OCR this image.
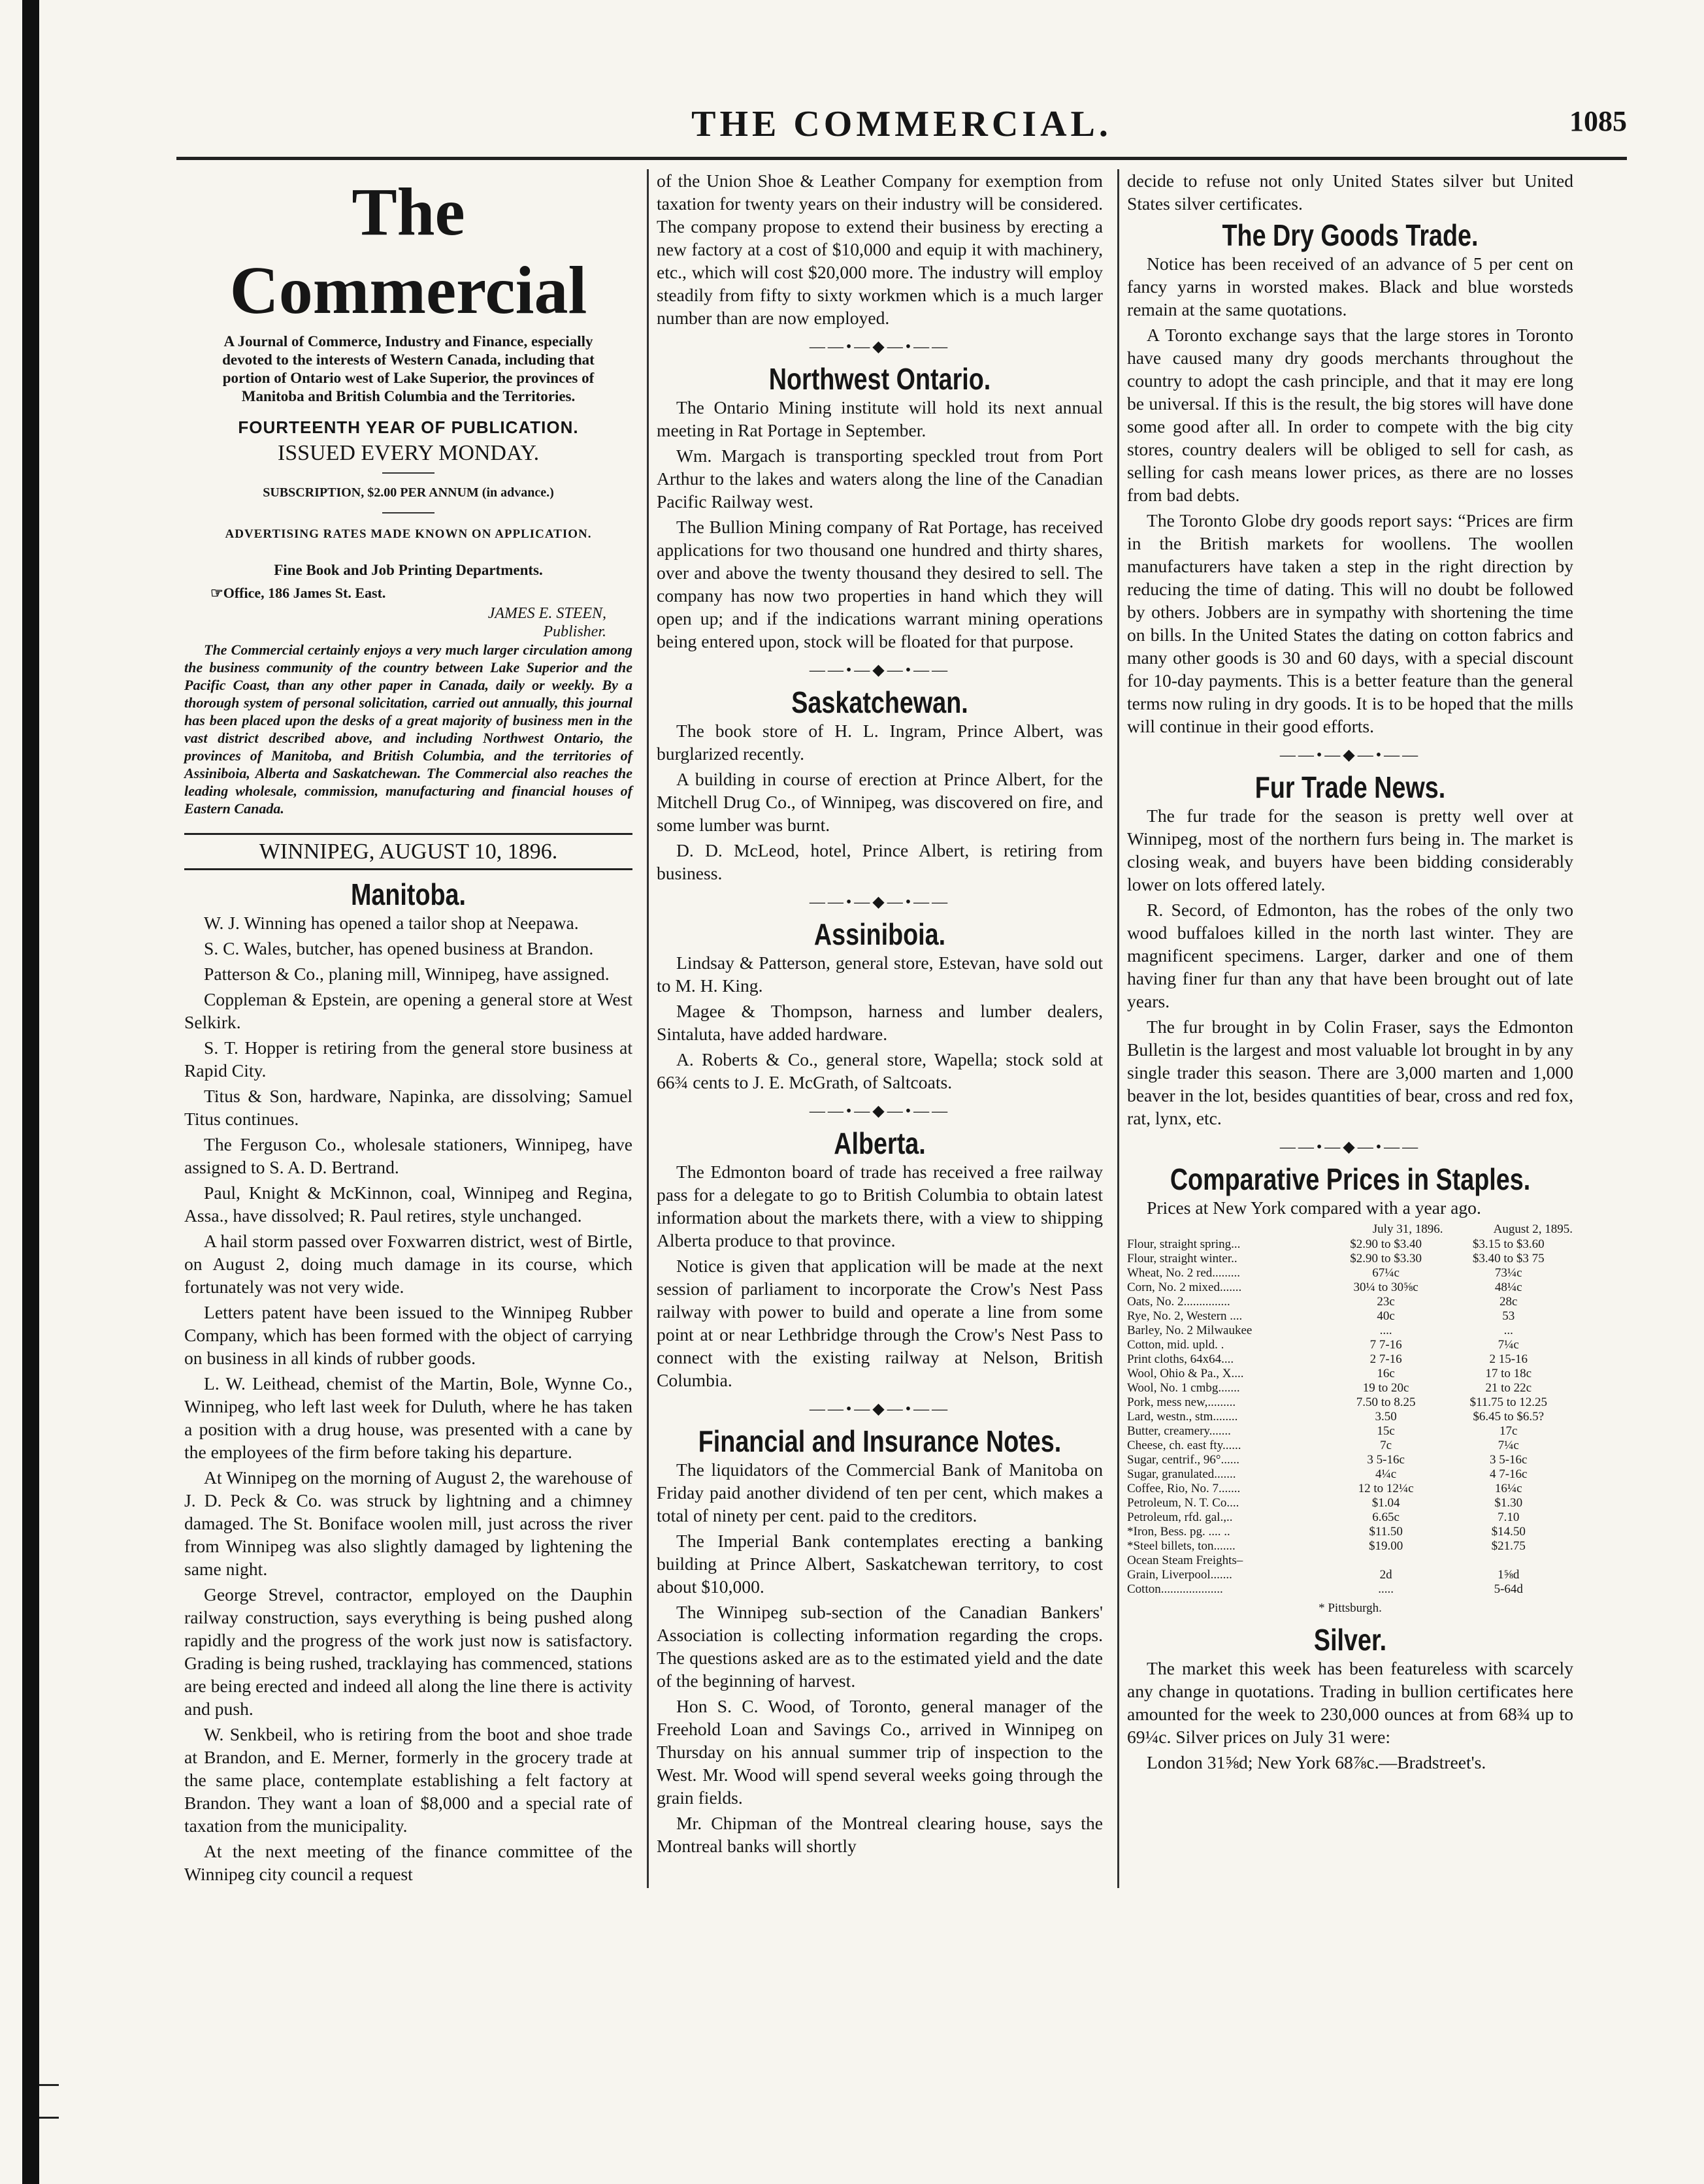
THE COMMERCIAL.	1085
The Commercial
A Journal of Commerce, Industry and Finance, especially devoted to the interests of Western Canada, including that portion of Ontario west of Lake Superior, the provinces of Manitoba and British Columbia and the Territories.
FOURTEENTH YEAR OF PUBLICATION.
ISSUED EVERY MONDAY.
SUBSCRIPTION, $2.00 PER ANNUM (in advance.)
ADVERTISING RATES MADE KNOWN ON APPLICATION.
Fine Book and Job Printing Departments.
☞Office, 186 James St. East.
JAMES E. STEEN,
Publisher.

The Commercial certainly enjoys a very much larger circulation among the business community of the country between Lake Superior and the Pacific Coast, than any other paper in Canada, daily or weekly. By a thorough system of personal solicitation, carried out annually, this journal has been placed upon the desks of a great majority of business men in the vast district described above, and including Northwest Ontario, the provinces of Manitoba, and British Columbia, and the territories of Assiniboia, Alberta and Saskatchewan. The Commercial also reaches the leading wholesale, commission, manufacturing and financial houses of Eastern Canada.

WINNIPEG, AUGUST 10, 1896.
Manitoba.

W. J. Winning has opened a tailor shop at Neepawa.

S. C. Wales, butcher, has opened business at Brandon.

Patterson & Co., planing mill, Winnipeg, have assigned.

Coppleman & Epstein, are opening a general store at West Selkirk.

S. T. Hopper is retiring from the general store business at Rapid City.

Titus & Son, hardware, Napinka, are dissolving; Samuel Titus continues.

The Ferguson Co., wholesale stationers, Winnipeg, have assigned to S. A. D. Bertrand.

Paul, Knight & McKinnon, coal, Winnipeg and Regina, Assa., have dissolved; R. Paul retires, style unchanged.

A hail storm passed over Foxwarren district, west of Birtle, on August 2, doing much damage in its course, which fortunately was not very wide.

Letters patent have been issued to the Winnipeg Rubber Company, which has been formed with the object of carrying on business in all kinds of rubber goods.

L. W. Leithead, chemist of the Martin, Bole, Wynne Co., Winnipeg, who left last week for Duluth, where he has taken a position with a drug house, was presented with a cane by the employees of the firm before taking his departure.

At Winnipeg on the morning of August 2, the warehouse of J. D. Peck & Co. was struck by lightning and a chimney damaged. The St. Boniface woolen mill, just across the river from Winnipeg was also slightly damaged by lightening the same night.

George Strevel, contractor, employed on the Dauphin railway construction, says everything is being pushed along rapidly and the progress of the work just now is satisfactory. Grading is being rushed, tracklaying has commenced, stations are being erected and indeed all along the line there is activity and push.

W. Senkbeil, who is retiring from the boot and shoe trade at Brandon, and E. Merner, formerly in the grocery trade at the same place, contemplate establishing a felt factory at Brandon. They want a loan of $8,000 and a special rate of taxation from the municipality.

At the next meeting of the finance committee of the Winnipeg city council a request

of the Union Shoe & Leather Company for exemption from taxation for twenty years on their industry will be considered. The company propose to extend their business by erecting a new factory at a cost of $10,000 and equip it with machinery, etc., which will cost $20,000 more. The industry will employ steadily from fifty to sixty workmen which is a much larger number than are now employed.

——•—◆—•——
Northwest Ontario.

The Ontario Mining institute will hold its next annual meeting in Rat Portage in September.

Wm. Margach is transporting speckled trout from Port Arthur to the lakes and waters along the line of the Canadian Pacific Railway west.

The Bullion Mining company of Rat Portage, has received applications for two thousand one hundred and thirty shares, over and above the twenty thousand they desired to sell. The company has now two properties in hand which they will open up; and if the indications warrant mining operations being entered upon, stock will be floated for that purpose.

——•—◆—•——
Saskatchewan.

The book store of H. L. Ingram, Prince Albert, was burglarized recently.

A building in course of erection at Prince Albert, for the Mitchell Drug Co., of Winnipeg, was discovered on fire, and some lumber was burnt.

D. D. McLeod, hotel, Prince Albert, is retiring from business.

——•—◆—•——
Assiniboia.

Lindsay & Patterson, general store, Estevan, have sold out to M. H. King.

Magee & Thompson, harness and lumber dealers, Sintaluta, have added hardware.

A. Roberts & Co., general store, Wapella; stock sold at 66¾ cents to J. E. McGrath, of Saltcoats.

——•—◆—•——
Alberta.

The Edmonton board of trade has received a free railway pass for a delegate to go to British Columbia to obtain latest information about the markets there, with a view to shipping Alberta produce to that province.

Notice is given that application will be made at the next session of parliament to incorporate the Crow's Nest Pass railway with power to build and operate a line from some point at or near Lethbridge through the Crow's Nest Pass to connect with the existing railway at Nelson, British Columbia.

——•—◆—•——
Financial and Insurance Notes.

The liquidators of the Commercial Bank of Manitoba on Friday paid another dividend of ten per cent, which makes a total of ninety per cent. paid to the creditors.

The Imperial Bank contemplates erecting a banking building at Prince Albert, Saskatchewan territory, to cost about $10,000.

The Winnipeg sub-section of the Canadian Bankers' Association is collecting information regarding the crops. The questions asked are as to the estimated yield and the date of the beginning of harvest.

Hon S. C. Wood, of Toronto, general manager of the Freehold Loan and Savings Co., arrived in Winnipeg on Thursday on his annual summer trip of inspection to the West. Mr. Wood will spend several weeks going through the grain fields.

Mr. Chipman of the Montreal clearing house, says the Montreal banks will shortly

decide to refuse not only United States silver but United States silver certificates.

The Dry Goods Trade.

Notice has been received of an advance of 5 per cent on fancy yarns in worsted makes. Black and blue worsteds remain at the same quotations.

A Toronto exchange says that the large stores in Toronto have caused many dry goods merchants throughout the country to adopt the cash principle, and that it may ere long be universal. If this is the result, the big stores will have done some good after all. In order to compete with the big city stores, country dealers will be obliged to sell for cash, as selling for cash means lower prices, as there are no losses from bad debts.

The Toronto Globe dry goods report says: “Prices are firm in the British markets for woollens. The woollen manufacturers have taken a step in the right direction by reducing the time of dating. This will no doubt be followed by others. Jobbers are in sympathy with shortening the time on bills. In the United States the dating on cotton fabrics and many other goods is 30 and 60 days, with a special discount for 10-day payments. This is a better feature than the general terms now ruling in dry goods. It is to be hoped that the mills will continue in their good efforts.

——•—◆—•——
Fur Trade News.

The fur trade for the season is pretty well over at Winnipeg, most of the northern furs being in. The market is closing weak, and buyers have been bidding considerably lower on lots offered lately.

R. Secord, of Edmonton, has the robes of the only two wood buffaloes killed in the north last winter. They are magnificent specimens. Larger, darker and one of them having finer fur than any that have been brought out of late years.

The fur brought in by Colin Fraser, says the Edmonton Bulletin is the largest and most valuable lot brought in by any single trader this season. There are 3,000 marten and 1,000 beaver in the lot, besides quantities of bear, cross and red fox, rat, lynx, etc.

——•—◆—•——
Comparative Prices in Staples.

Prices at New York compared with a year ago.

	July 31, 1896.	August 2, 1895.
Flour, straight spring...	$2.90 to $3.40	$3.15 to $3.60
Flour, straight winter..	$2.90 to $3.30	$3.40 to $3 75
Wheat, No. 2 red.........	67¼c	73¼c
Corn, No. 2 mixed.......	30¼ to 30⅝c	48¼c
Oats, No. 2...............	23c	28c
Rye, No. 2, Western ....	40c	53
Barley, No. 2 Milwaukee	....	...
Cotton, mid. upld. .	7 7-16	7¼c
Print cloths, 64x64....	2 7-16	2 15-16
Wool, Ohio & Pa., X....	16c	17 to 18c
Wool, No. 1 cmbg.......	19 to 20c	21 to 22c
Pork, mess new,.........	7.50 to 8.25	$11.75 to 12.25
Lard, westn., stm........	3.50	$6.45 to $6.5?
Butter, creamery.......	15c	17c
Cheese, ch. east fty......	7c	7¼c
Sugar, centrif., 96°......	3 5-16c	3 5-16c
Sugar, granulated.......	4¼c	4 7-16c
Coffee, Rio, No. 7.......	12 to 12¼c	16¼c
Petroleum, N. T. Co....	$1.04	$1.30
Petroleum, rfd. gal.,..	6.65c	7.10
*Iron, Bess. pg. .... ..	$11.50	$14.50
*Steel billets, ton.......	$19.00	$21.75
Ocean Steam Freights–		
Grain, Liverpool.......	2d	1⅝d
Cotton....................	.....	5-64d
* Pittsburgh.
Silver.

The market this week has been featureless with scarcely any change in quotations. Trading in bullion certificates here amounted for the week to 230,000 ounces at from 68¾ up to 69¼c. Silver prices on July 31 were:

London 31⅝d; New York 68⅞c.—Bradstreet's.
